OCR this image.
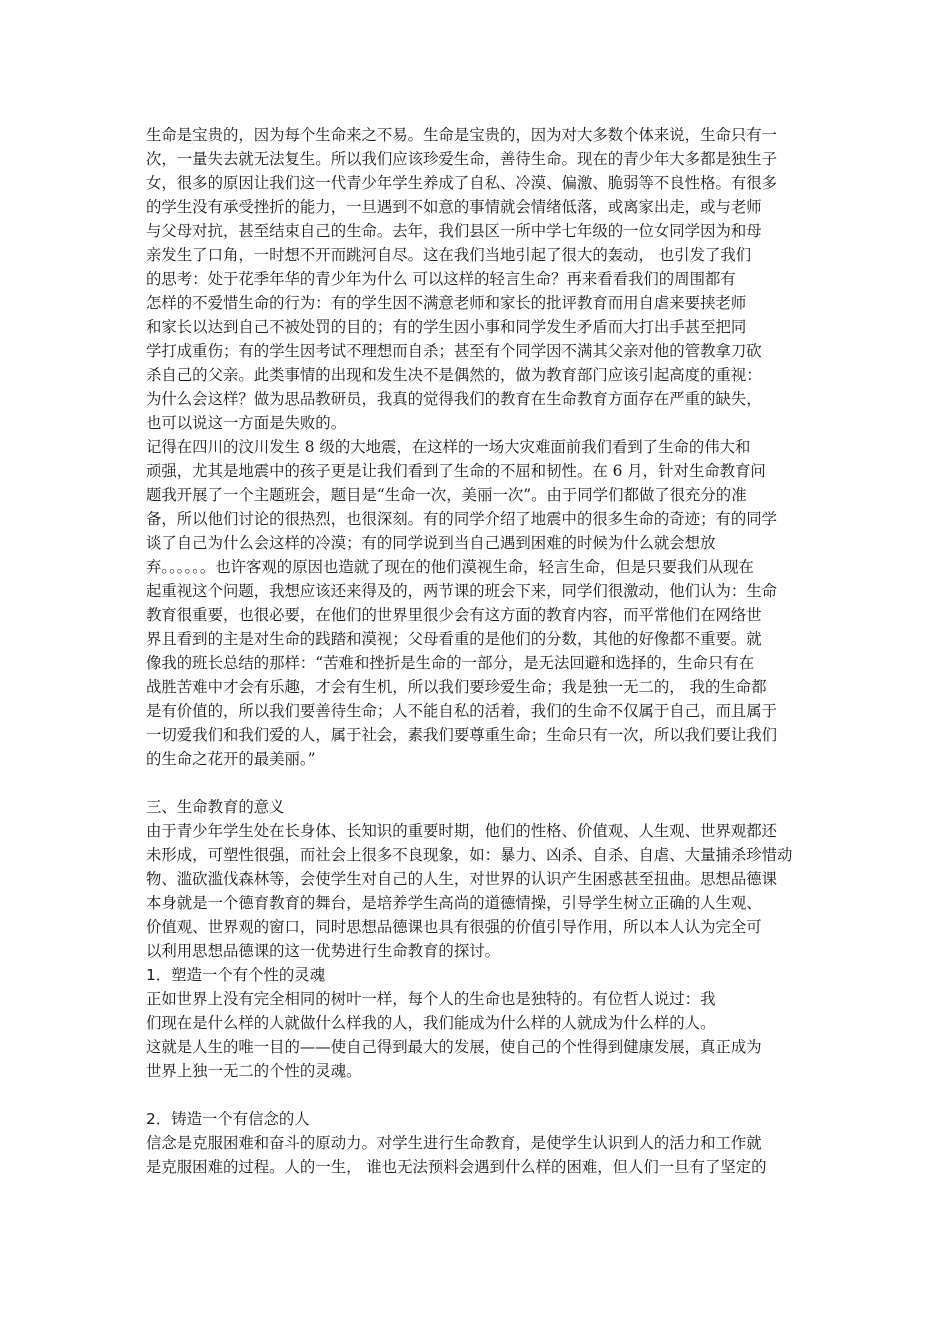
生命是宝贵的，因为每个生命来之不易。生命是宝贵的，因为对大多数个体来说，生命只有一
次，一量失去就无法复生。所以我们应该珍爱生命，善待生命。现在的青少年大多都是独生子
女，很多的原因让我们这一代青少年学生养成了自私、冷漠、偏激、脆弱等不良性格。有很多
的学生没有承受挫折的能力，一旦遇到不如意的事情就会情绪低落，或离家出走，或与老师
与父母对抗，甚至结束自己的生命。去年，我们县区一所中学七年级的一位女同学因为和母
亲发生了口角，一时想不开而跳河自尽。这在我们当地引起了很大的轰动， 也引发了我们
的思考：处于花季年华的青少年为什么 可以这样的轻言生命？再来看看我们的周围都有
怎样的不爱惜生命的行为：有的学生因不满意老师和家长的批评教育而用自虐来要挟老师
和家长以达到自己不被处罚的目的；有的学生因小事和同学发生矛盾而大打出手甚至把同
学打成重伤；有的学生因考试不理想而自杀；甚至有个同学因不满其父亲对他的管教拿刀砍
杀自己的父亲。此类事情的出现和发生决不是偶然的，做为教育部门应该引起高度的重视：
为什么会这样？做为思品教研员，我真的觉得我们的教育在生命教育方面存在严重的缺失，
也可以说这一方面是失败的。
记得在四川的汶川发生 8 级的大地震，在这样的一场大灾难面前我们看到了生命的伟大和
顽强，尤其是地震中的孩子更是让我们看到了生命的不屈和韧性。在 6 月，针对生命教育问
题我开展了一个主题班会，题目是“生命一次，美丽一次”。由于同学们都做了很充分的准
备，所以他们讨论的很热烈，也很深刻。有的同学介绍了地震中的很多生命的奇迹；有的同学
谈了自己为什么会这样的冷漠；有的同学说到当自己遇到困难的时候为什么就会想放
弃。。。。。。也许客观的原因也造就了现在的他们漠视生命，轻言生命，但是只要我们从现在
起重视这个问题，我想应该还来得及的，两节课的班会下来，同学们很激动，他们认为：生命
教育很重要，也很必要，在他们的世界里很少会有这方面的教育内容，而平常他们在网络世
界且看到的主是对生命的践踏和漠视；父母看重的是他们的分数，其他的好像都不重要。就
像我的班长总结的那样：“苦难和挫折是生命的一部分，是无法回避和选择的，生命只有在
战胜苦难中才会有乐趣，才会有生机，所以我们要珍爱生命；我是独一无二的， 我的生命都
是有价值的，所以我们要善待生命；人不能自私的活着，我们的生命不仅属于自己，而且属于
一切爱我们和我们爱的人，属于社会，素我们要尊重生命；生命只有一次，所以我们要让我们
的生命之花开的最美丽。”
三、生命教育的意义
由于青少年学生处在长身体、长知识的重要时期，他们的性格、价值观、人生观、世界观都还
未形成，可塑性很强，而社会上很多不良现象，如：暴力、凶杀、自杀、自虐、大量捕杀珍惜动
物、滥砍滥伐森林等，会使学生对自己的人生，对世界的认识产生困惑甚至扭曲。思想品德课
本身就是一个德育教育的舞台，是培养学生高尚的道德情操，引导学生树立正确的人生观、
价值观、世界观的窗口，同时思想品德课也具有很强的价值引导作用，所以本人认为完全可
以利用思想品德课的这一优势进行生命教育的探讨。
1．塑造一个有个性的灵魂
正如世界上没有完全相同的树叶一样，每个人的生命也是独特的。有位哲人说过：我
们现在是什么样的人就做什么样我的人，我们能成为什么样的人就成为什么样的人。
这就是人生的唯一目的——使自己得到最大的发展，使自己的个性得到健康发展，真正成为
世界上独一无二的个性的灵魂。
2．铸造一个有信念的人
信念是克服困难和奋斗的原动力。对学生进行生命教育，是使学生认识到人的活力和工作就
是克服困难的过程。人的一生， 谁也无法预料会遇到什么样的困难，但人们一旦有了坚定的
